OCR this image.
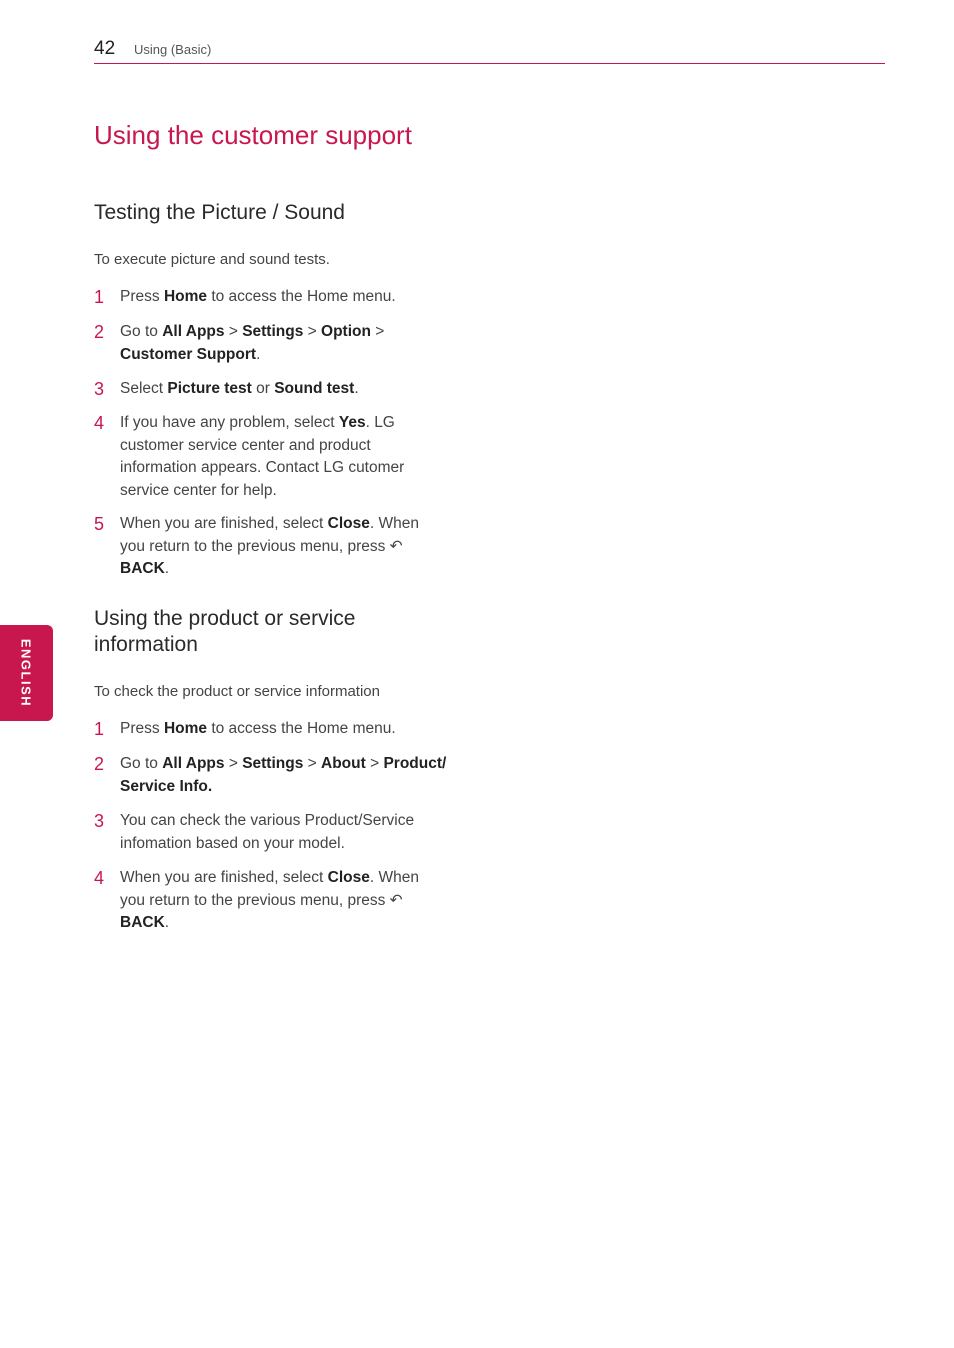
42 Using (Basic)
ENGLISH
Using the customer support
Testing the Picture / Sound
To execute picture and sound tests.
1 Press Home to access the Home menu.
2 Go to All Apps > Settings > Option >
Customer Support.
3 Select Picture test or Sound test.
4 If you have any problem, select Yes. LG customer service center and product information appears. Contact LG cutomer service center for help.
5 When you are finished, select Close. When you return to the previous menu, press ↶ BACK.
Using the product or service
information
To check the product or service information
1 Press Home to access the Home menu.
2 Go to All Apps > Settings > About > Product/ Service Info.
3 You can check the various Product/Service infomation based on your model.
4 When you are finished, select Close. When you return to the previous menu, press ↶ BACK.
